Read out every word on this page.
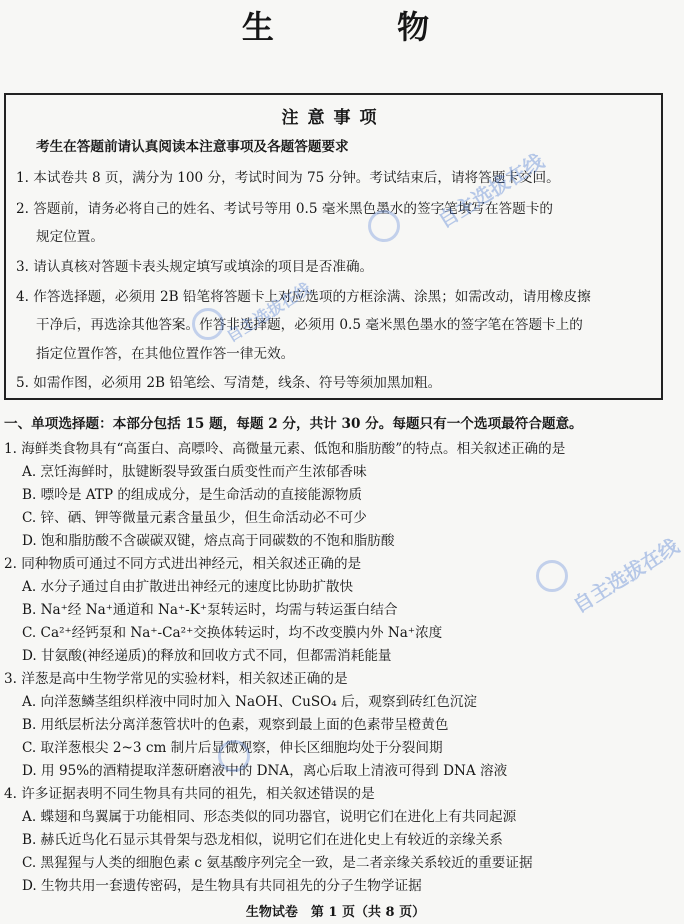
生 物
注意事项
考生在答题前请认真阅读本注意事项及各题答题要求
1. 本试卷共 8 页，满分为 100 分，考试时间为 75 分钟。考试结束后，请将答题卡交回。
2. 答题前，请务必将自己的姓名、考试号等用 0.5 毫米黑色墨水的签字笔填写在答题卡的
规定位置。
3. 请认真核对答题卡表头规定填写或填涂的项目是否准确。
4. 作答选择题，必须用 2B 铅笔将答题卡上对应选项的方框涂满、涂黑；如需改动，请用橡皮擦
干净后，再选涂其他答案。作答非选择题，必须用 0.5 毫米黑色墨水的签字笔在答题卡上的
指定位置作答，在其他位置作答一律无效。
5. 如需作图，必须用 2B 铅笔绘、写清楚，线条、符号等须加黑加粗。
一、单项选择题：本部分包括 15 题，每题 2 分，共计 30 分。每题只有一个选项最符合题意。
1. 海鲜类食物具有“高蛋白、高嘌呤、高微量元素、低饱和脂肪酸”的特点。相关叙述正确的是
A. 烹饪海鲜时，肽键断裂导致蛋白质变性而产生浓郁香味
B. 嘌呤是 ATP 的组成成分，是生命活动的直接能源物质
C. 锌、硒、钾等微量元素含量虽少，但生命活动必不可少
D. 饱和脂肪酸不含碳碳双键，熔点高于同碳数的不饱和脂肪酸
2. 同种物质可通过不同方式进出神经元，相关叙述正确的是
A. 水分子通过自由扩散进出神经元的速度比协助扩散快
B. Na⁺经 Na⁺通道和 Na⁺-K⁺泵转运时，均需与转运蛋白结合
C. Ca²⁺经钙泵和 Na⁺-Ca²⁺交换体转运时，均不改变膜内外 Na⁺浓度
D. 甘氨酸(神经递质)的释放和回收方式不同，但都需消耗能量
3. 洋葱是高中生物学常见的实验材料，相关叙述正确的是
A. 向洋葱鳞茎组织样液中同时加入 NaOH、CuSO₄ 后，观察到砖红色沉淀
B. 用纸层析法分离洋葱管状叶的色素，观察到最上面的色素带呈橙黄色
C. 取洋葱根尖 2~3 cm 制片后显微观察，伸长区细胞均处于分裂间期
D. 用 95%的酒精提取洋葱研磨液中的 DNA，离心后取上清液可得到 DNA 溶液
4. 许多证据表明不同生物具有共同的祖先，相关叙述错误的是
A. 蝶翅和鸟翼属于功能相同、形态类似的同功器官，说明它们在进化上有共同起源
B. 赫氏近鸟化石显示其骨架与恐龙相似，说明它们在进化史上有较近的亲缘关系
C. 黑猩猩与人类的细胞色素 c 氨基酸序列完全一致，是二者亲缘关系较近的重要证据
D. 生物共用一套遗传密码，是生物具有共同祖先的分子生物学证据
生物试卷　第 1 页（共 8 页）
自主选拔在线
自主选拔在线
自主选拔在线
